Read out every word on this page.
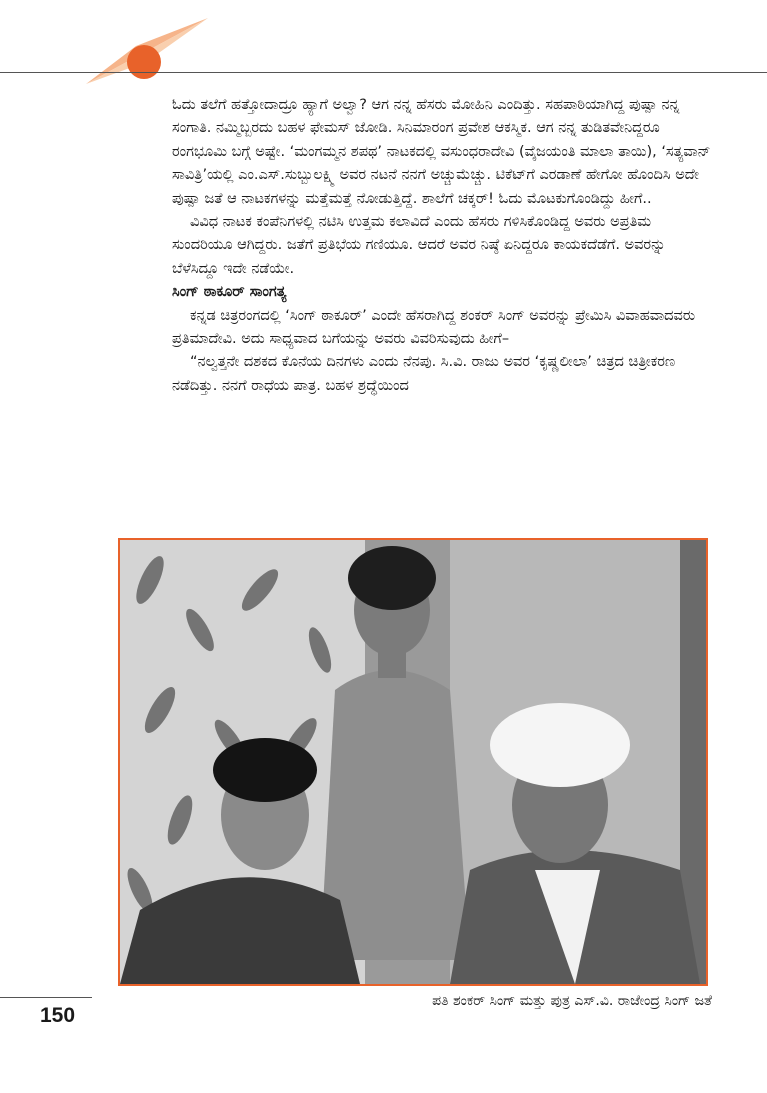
ಓದು ತಲೆಗೆ ಹತ್ತೋದಾದ್ರೂ ಹ್ಯಾಗೆ ಅಲ್ವಾ? ಆಗ ನನ್ನ ಹೆಸರು ಮೋಹಿನಿ ಎಂದಿತ್ತು. ಸಹಪಾಠಿಯಾಗಿದ್ದ ಪುಷ್ಪಾ ನನ್ನ ಸಂಗಾತಿ. ನಮ್ಮಿಬ್ಬರದು ಬಹಳ ಫೇಮಸ್ ಜೋಡಿ. ಸಿನಿಮಾರಂಗ ಪ್ರವೇಶ ಆಕಸ್ಮಿಕ. ಆಗ ನನ್ನ ತುಡಿತವೇನಿದ್ದರೂ ರಂಗಭೂಮಿ ಬಗ್ಗೆ ಅಷ್ಟೇ. ‘ಮಂಗಮ್ಮನ ಶಪಥ’ ನಾಟಕದಲ್ಲಿ ವಸುಂಧರಾದೇವಿ (ವೈಜಯಂತಿ ಮಾಲಾ ತಾಯಿ), ‘ಸತ್ಯವಾನ್ ಸಾವಿತ್ರಿ’ಯಲ್ಲಿ ಎಂ.ಎಸ್.ಸುಬ್ಬುಲಕ್ಷ್ಮಿ ಅವರ ನಟನೆ ನನಗೆ ಅಚ್ಚುಮೆಚ್ಚು. ಟಿಕೆಟ್‌ಗೆ ಎರಡಾಣೆ ಹೇಗೋ ಹೊಂದಿಸಿ ಅದೇ ಪುಷ್ಪಾ ಜತೆ ಆ ನಾಟಕಗಳನ್ನು ಮತ್ತೆಮತ್ತೆ ನೋಡುತ್ತಿದ್ದೆ. ಶಾಲೆಗೆ ಚಕ್ಕರ್! ಓದು ಮೊಟಕುಗೊಂಡಿದ್ದು ಹೀಗೆ..

ವಿವಿಧ ನಾಟಕ ಕಂಪೆನಿಗಳಲ್ಲಿ ನಟಿಸಿ ಉತ್ತಮ ಕಲಾವಿದೆ ಎಂದು ಹೆಸರು ಗಳಿಸಿಕೊಂಡಿದ್ದ ಅವರು ಅಪ್ರತಿಮ ಸುಂದರಿಯೂ ಆಗಿದ್ದರು. ಜತೆಗೆ ಪ್ರತಿಭೆಯ ಗಣಿಯೂ. ಆದರೆ ಅವರ ನಿಷ್ಠೆ ಏನಿದ್ದರೂ ಕಾಯಕದೆಡೆಗೆ. ಅವರನ್ನು ಬೆಳೆಸಿದ್ದೂ ಇದೇ ನಡೆಯೇ.

ಸಿಂಗ್ ಠಾಕೂರ್ ಸಾಂಗತ್ಯ

ಕನ್ನಡ ಚಿತ್ರರಂಗದಲ್ಲಿ ‘ಸಿಂಗ್ ಠಾಕೂರ್’ ಎಂದೇ ಹೆಸರಾಗಿದ್ದ ಶಂಕರ್ ಸಿಂಗ್ ಅವರನ್ನು ಪ್ರೇಮಿಸಿ ವಿವಾಹವಾದವರು ಪ್ರತಿಮಾದೇವಿ. ಅದು ಸಾಧ್ಯವಾದ ಬಗೆಯನ್ನು ಅವರು ವಿವರಿಸುವುದು ಹೀಗೆ–

“ನಲ್ವತ್ತನೇ ದಶಕದ ಕೊನೆಯ ದಿನಗಳು ಎಂದು ನೆನಪು. ಸಿ.ವಿ. ರಾಜು ಅವರ ‘ಕೃಷ್ಣಲೀಲಾ’ ಚಿತ್ರದ ಚಿತ್ರೀಕರಣ ನಡೆದಿತ್ತು. ನನಗೆ ರಾಧೆಯ ಪಾತ್ರ. ಬಹಳ ಶ್ರದ್ಧೆಯಿಂದ

ಪತಿ ಶಂಕರ್ ಸಿಂಗ್ ಮತ್ತು ಪುತ್ರ ಎಸ್.ವಿ. ರಾಜೇಂದ್ರ ಸಿಂಗ್ ಜತೆ
150
